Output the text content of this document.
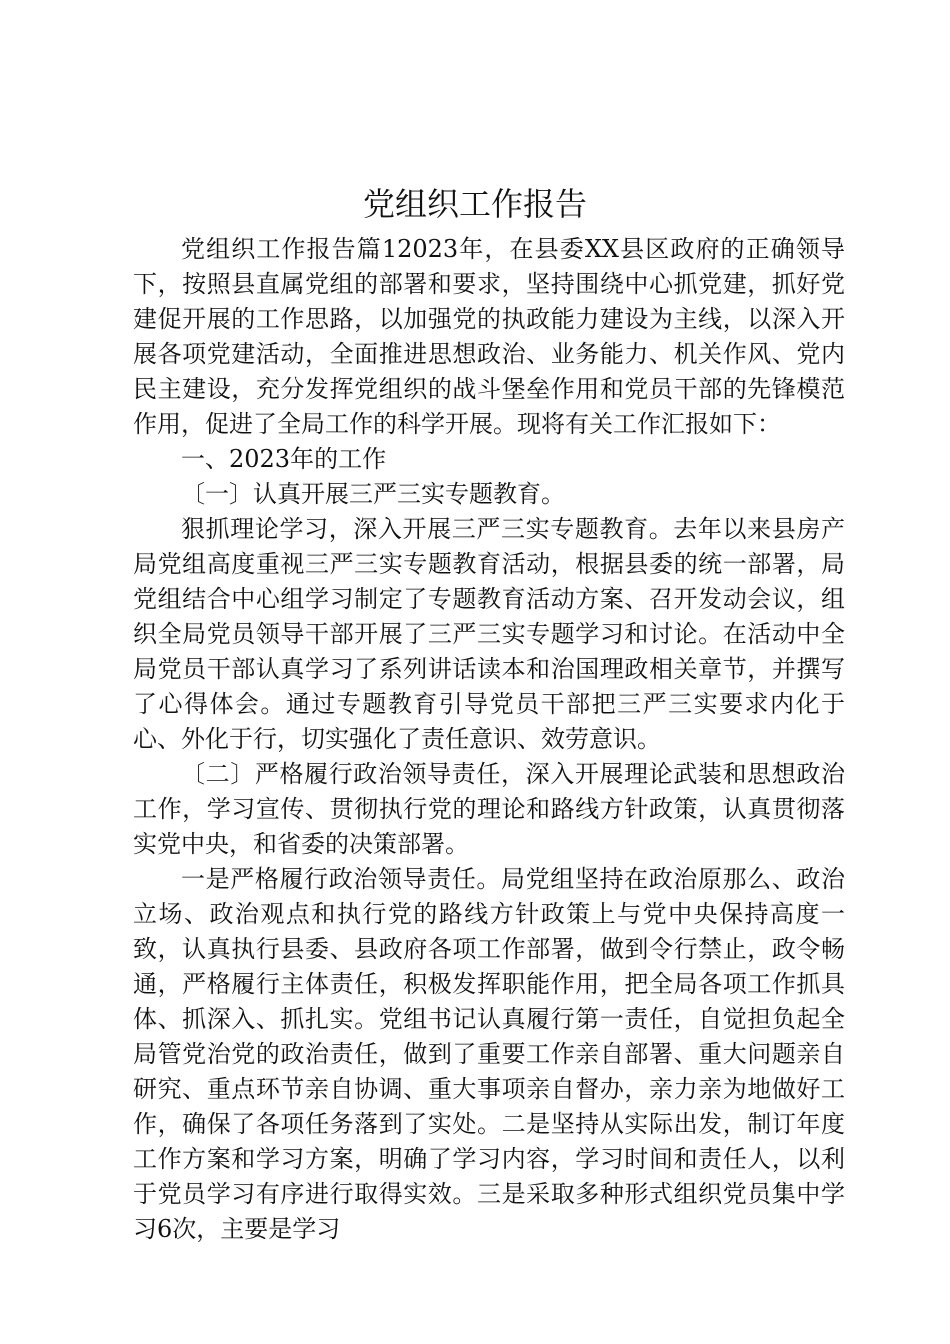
党组织工作报告

党组织工作报告篇12023年，在县委XX县区政府的正确领导下，按照县直属党组的部署和要求，坚持围绕中心抓党建，抓好党建促开展的工作思路，以加强党的执政能力建设为主线，以深入开展各项党建活动，全面推进思想政治、业务能力、机关作风、党内民主建设，充分发挥党组织的战斗堡垒作用和党员干部的先锋模范作用，促进了全局工作的科学开展。现将有关工作汇报如下：

一、2023年的工作

〔一〕认真开展三严三实专题教育。

狠抓理论学习，深入开展三严三实专题教育。去年以来县房产局党组高度重视三严三实专题教育活动，根据县委的统一部署，局党组结合中心组学习制定了专题教育活动方案、召开发动会议，组织全局党员领导干部开展了三严三实专题学习和讨论。在活动中全局党员干部认真学习了系列讲话读本和治国理政相关章节，并撰写了心得体会。通过专题教育引导党员干部把三严三实要求内化于心、外化于行，切实强化了责任意识、效劳意识。

〔二〕严格履行政治领导责任，深入开展理论武装和思想政治工作，学习宣传、贯彻执行党的理论和路线方针政策，认真贯彻落实党中央，和省委的决策部署。

一是严格履行政治领导责任。局党组坚持在政治原那么、政治立场、政治观点和执行党的路线方针政策上与党中央保持高度一致，认真执行县委、县政府各项工作部署，做到令行禁止，政令畅通，严格履行主体责任，积极发挥职能作用，把全局各项工作抓具体、抓深入、抓扎实。党组书记认真履行第一责任，自觉担负起全局管党治党的政治责任，做到了重要工作亲自部署、重大问题亲自研究、重点环节亲自协调、重大事项亲自督办，亲力亲为地做好工作，确保了各项任务落到了实处。二是坚持从实际出发，制订年度工作方案和学习方案，明确了学习内容，学习时间和责任人，以利于党员学习有序进行取得实效。三是采取多种形式组织党员集中学习6次，主要是学习
